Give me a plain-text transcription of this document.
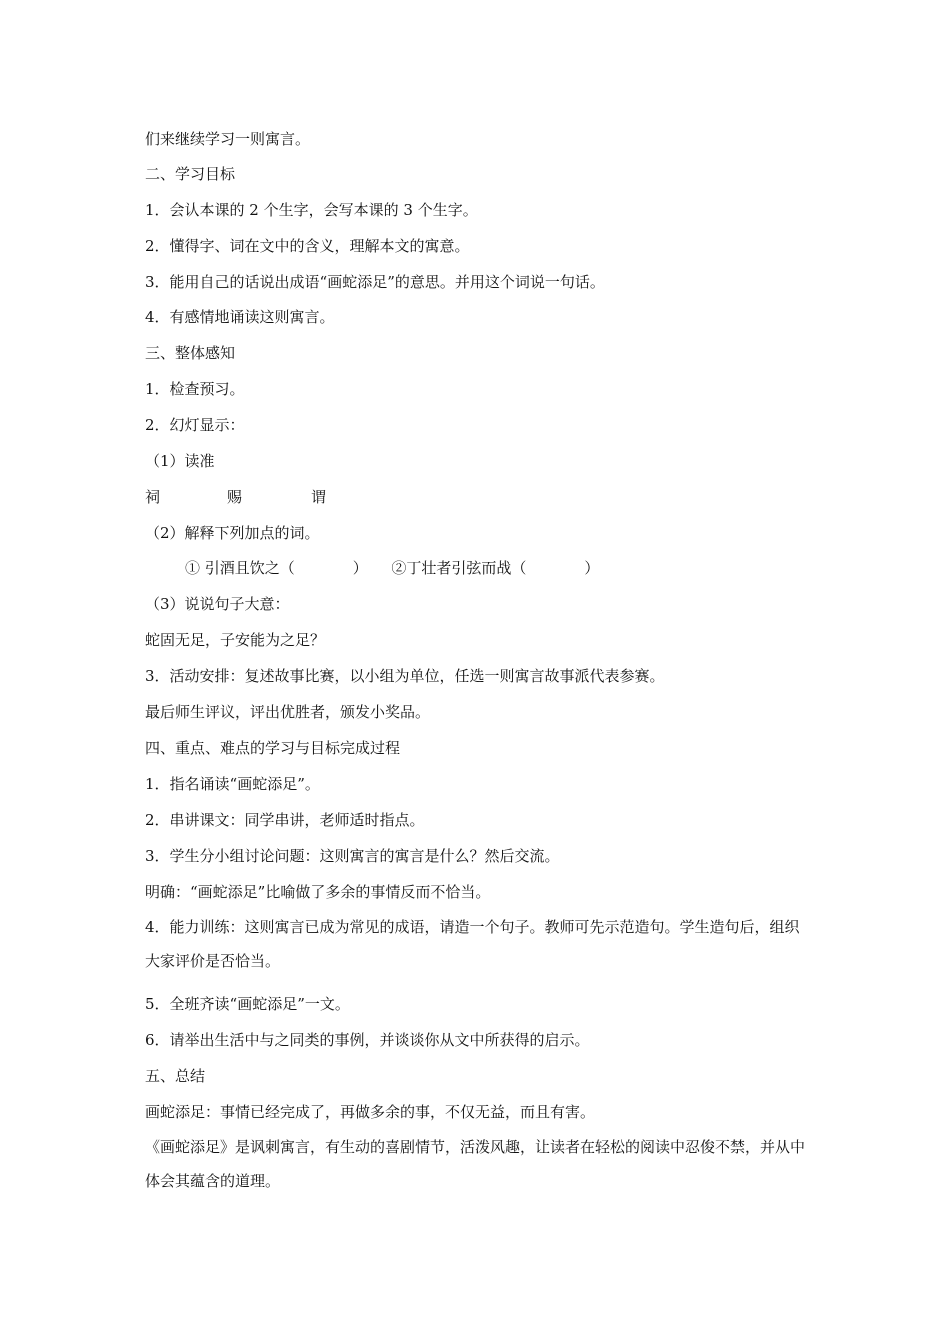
们来继续学习一则寓言。
二、学习目标
1．会认本课的 2 个生字，会写本课的 3 个生字。
2．懂得字、词在文中的含义，理解本文的寓意。
3．能用自己的话说出成语“画蛇添足”的意思。并用这个词说一句话。
4．有感情地诵读这则寓言。
三、整体感知
1．检查预习。
2．幻灯显示：
（1）读准
祠	赐	谓
（2）解释下列加点的词。
① 引酒且饮之（	） ②丁壮者引弦而战（	）
（3）说说句子大意：
蛇固无足，子安能为之足？
3．活动安排：复述故事比赛，以小组为单位，任选一则寓言故事派代表参赛。
最后师生评议，评出优胜者，颁发小奖品。
四、重点、难点的学习与目标完成过程
1．指名诵读“画蛇添足”。
2．串讲课文：同学串讲，老师适时指点。
3．学生分小组讨论问题：这则寓言的寓言是什么？然后交流。
明确：“画蛇添足”比喻做了多余的事情反而不恰当。
4．能力训练：这则寓言已成为常见的成语，请造一个句子。教师可先示范造句。学生造句后，组织大家评价是否恰当。
5．全班齐读“画蛇添足”一文。
6．请举出生活中与之同类的事例，并谈谈你从文中所获得的启示。
五、总结
画蛇添足：事情已经完成了，再做多余的事，不仅无益，而且有害。
《画蛇添足》是讽刺寓言，有生动的喜剧情节，活泼风趣，让读者在轻松的阅读中忍俊不禁，并从中体会其蕴含的道理。
